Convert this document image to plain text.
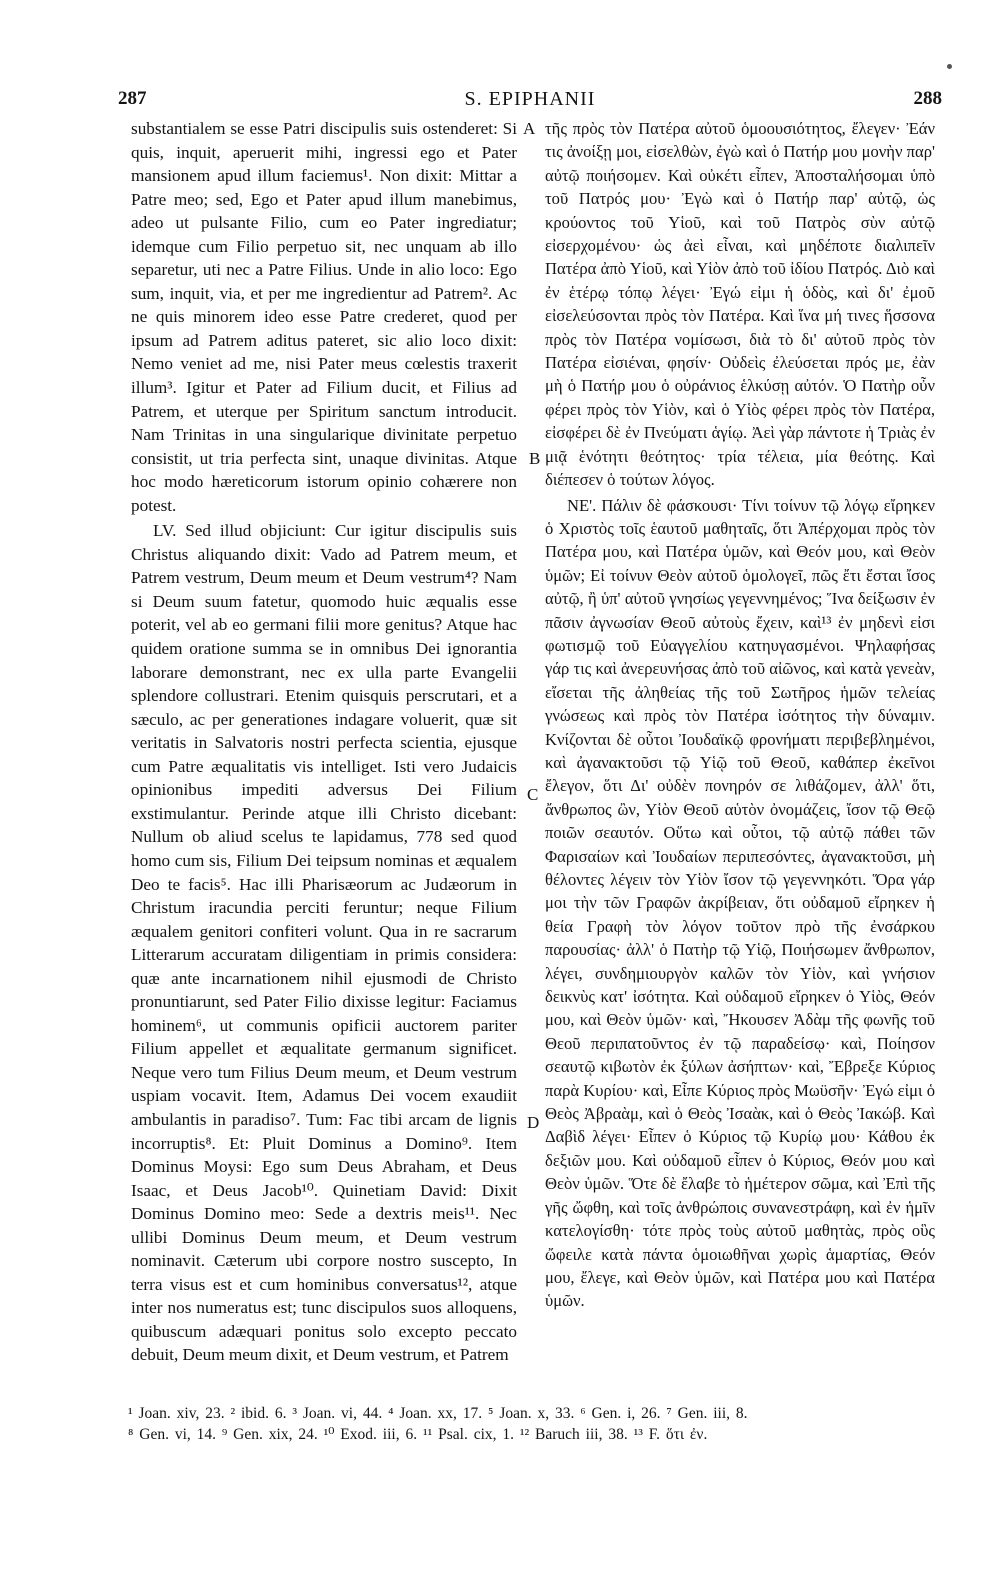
287	S. EPIPHANII	288

substantialem se esse Patri discipulis suis ostenderet: Si quis, inquit, aperuerit mihi, ingressi ego et Pater mansionem apud illum faciemus¹. Non dixit: Mittar a Patre meo; sed, Ego et Pater apud illum manebimus, adeo ut pulsante Filio, cum eo Pater ingrediatur; idemque cum Filio perpetuo sit, nec unquam ab illo separetur, uti nec a Patre Filius. Unde in alio loco: Ego sum, inquit, via, et per me ingredientur ad Patrem². Ac ne quis minorem ideo esse Patre crederet, quod per ipsum ad Patrem aditus pateret, sic alio loco dixit: Nemo veniet ad me, nisi Pater meus cœlestis traxerit illum³. Igitur et Pater ad Filium ducit, et Filius ad Patrem, et uterque per Spiritum sanctum introducit. Nam Trinitas in una singularique divinitate perpetuo consistit, ut tria perfecta sint, unaque divinitas. Atque hoc modo hæreticorum istorum opinio cohærere non potest.

LV. Sed illud objiciunt: Cur igitur discipulis suis Christus aliquando dixit: Vado ad Patrem meum, et Patrem vestrum, Deum meum et Deum vestrum⁴? Nam si Deum suum fatetur, quomodo huic æqualis esse poterit, vel ab eo germani filii more genitus? Atque hac quidem oratione summa se in omnibus Dei ignorantia laborare demonstrant, nec ex ulla parte Evangelii splendore collustrari. Etenim quisquis perscrutari, et a sæculo, ac per generationes indagare voluerit, quæ sit veritatis in Salvatoris nostri perfecta scientia, ejusque cum Patre æqualitatis vis intelliget. Isti vero Judaicis opinionibus impediti adversus Dei Filium exstimulantur. Perinde atque illi Christo dicebant: Nullum ob aliud scelus te lapidamus, 778 sed quod homo cum sis, Filium Dei teipsum nominas et æqualem Deo te facis⁵. Hac illi Pharisæorum ac Judæorum in Christum iracundia perciti feruntur; neque Filium æqualem genitori confiteri volunt. Qua in re sacrarum Litterarum accuratam diligentiam in primis considera: quæ ante incarnationem nihil ejusmodi de Christo pronuntiarunt, sed Pater Filio dixisse legitur: Faciamus hominem⁶, ut communis opificii auctorem pariter Filium appellet et æqualitate germanum significet. Neque vero tum Filius Deum meum, et Deum vestrum uspiam vocavit. Item, Adamus Dei vocem exaudiit ambulantis in paradiso⁷. Tum: Fac tibi arcam de lignis incorruptis⁸. Et: Pluit Dominus a Domino⁹. Item Dominus Moysi: Ego sum Deus Abraham, et Deus Isaac, et Deus Jacob¹⁰. Quinetiam David: Dixit Dominus Domino meo: Sede a dextris meis¹¹. Nec ullibi Dominus Deum meum, et Deum vestrum nominavit. Cæterum ubi corpore nostro suscepto, In terra visus est et cum hominibus conversatus¹², atque inter nos numeratus est; tunc discipulos suos alloquens, quibuscum adæquari ponitus solo excepto peccato debuit, Deum meum dixit, et Deum vestrum, et Patrem

τῆς πρὸς τὸν Πατέρα αὐτοῦ ὁμοουσιότητος, ἔλεγεν· Ἐάν τις ἀνοίξῃ μοι, εἰσελθὼν, ἐγὼ καὶ ὁ Πατήρ μου μονὴν παρ' αὐτῷ ποιήσομεν. Καὶ οὐκέτι εἶπεν, Ἀποσταλήσομαι ὑπὸ τοῦ Πατρός μου· Ἐγὼ καὶ ὁ Πατήρ παρ' αὐτῷ, ὡς κρούοντος τοῦ Υἱοῦ, καὶ τοῦ Πατρὸς σὺν αὐτῷ εἰσερχομένου· ὡς ἀεὶ εἶναι, καὶ μηδέποτε διαλιπεῖν Πατέρα ἀπὸ Υἱοῦ, καὶ Υἱὸν ἀπὸ τοῦ ἰδίου Πατρός. Διὸ καὶ ἐν ἑτέρῳ τόπῳ λέγει· Ἐγώ εἰμι ἡ ὁδὸς, καὶ δι' ἐμοῦ εἰσελεύσονται πρὸς τὸν Πατέρα. Καὶ ἵνα μή τινες ἥσσονα πρὸς τὸν Πατέρα νομίσωσι, διὰ τὸ δι' αὐτοῦ πρὸς τὸν Πατέρα εἰσιέναι, φησίν· Οὐδεὶς ἐλεύσεται πρός με, ἐὰν μὴ ὁ Πατήρ μου ὁ οὐράνιος ἑλκύσῃ αὐτόν. Ὁ Πατὴρ οὖν φέρει πρὸς τὸν Υἱὸν, καὶ ὁ Υἱὸς φέρει πρὸς τὸν Πατέρα, εἰσφέρει δὲ ἐν Πνεύματι ἁγίῳ. Ἀεὶ γὰρ πάντοτε ἡ Τριὰς ἐν μιᾷ ἑνότητι θεότητος· τρία τέλεια, μία θεότης. Καὶ διέπεσεν ὁ τούτων λόγος.

ΝΕ'. Πάλιν δὲ φάσκουσι· Τίνι τοίνυν τῷ λόγῳ εἴρηκεν ὁ Χριστὸς τοῖς ἑαυτοῦ μαθηταῖς, ὅτι Ἀπέρχομαι πρὸς τὸν Πατέρα μου, καὶ Πατέρα ὑμῶν, καὶ Θεόν μου, καὶ Θεὸν ὑμῶν; Εἰ τοίνυν Θεὸν αὐτοῦ ὁμολογεῖ, πῶς ἔτι ἔσται ἴσος αὐτῷ, ἢ ὑπ' αὐτοῦ γνησίως γεγεννημένος; Ἵνα δείξωσιν ἐν πᾶσιν ἀγνωσίαν Θεοῦ αὐτοὺς ἔχειν, καὶ¹³ ἐν μηδενὶ εἰσι φωτισμῷ τοῦ Εὐαγγελίου κατηυγασμένοι. Ψηλαφήσας γάρ τις καὶ ἀνερευνήσας ἀπὸ τοῦ αἰῶνος, καὶ κατὰ γενεὰν, εἴσεται τῆς ἀληθείας τῆς τοῦ Σωτῆρος ἡμῶν τελείας γνώσεως καὶ πρὸς τὸν Πατέρα ἰσότητος τὴν δύναμιν. Κνίζονται δὲ οὗτοι Ἰουδαϊκῷ φρονήματι περιβεβλημένοι, καὶ ἀγανακτοῦσι τῷ Υἱῷ τοῦ Θεοῦ, καθάπερ ἐκεῖνοι ἔλεγον, ὅτι Δι' οὐδὲν πονηρόν σε λιθάζομεν, ἀλλ' ὅτι, ἄνθρωπος ὢν, Υἱὸν Θεοῦ αὑτὸν ὀνομάζεις, ἴσον τῷ Θεῷ ποιῶν σεαυτόν. Οὕτω καὶ οὗτοι, τῷ αὐτῷ πάθει τῶν Φαρισαίων καὶ Ἰουδαίων περιπεσόντες, ἀγανακτοῦσι, μὴ θέλοντες λέγειν τὸν Υἱὸν ἴσον τῷ γεγεννηκότι. Ὅρα γάρ μοι τὴν τῶν Γραφῶν ἀκρίβειαν, ὅτι οὐδαμοῦ εἴρηκεν ἡ θεία Γραφὴ τὸν λόγον τοῦτον πρὸ τῆς ἐνσάρκου παρουσίας· ἀλλ' ὁ Πατὴρ τῷ Υἱῷ, Ποιήσωμεν ἄνθρωπον, λέγει, συνδημιουργὸν καλῶν τὸν Υἱὸν, καὶ γνήσιον δεικνὺς κατ' ἰσότητα. Καὶ οὐδαμοῦ εἴρηκεν ὁ Υἱὸς, Θεόν μου, καὶ Θεὸν ὑμῶν· καὶ, Ἤκουσεν Ἀδὰμ τῆς φωνῆς τοῦ Θεοῦ περιπατοῦντος ἐν τῷ παραδείσῳ· καὶ, Ποίησον σεαυτῷ κιβωτὸν ἐκ ξύλων ἀσήπτων· καὶ, Ἔβρεξε Κύριος παρὰ Κυρίου· καὶ, Εἶπε Κύριος πρὸς Μωϋσῆν· Ἐγώ εἰμι ὁ Θεὸς Ἀβραὰμ, καὶ ὁ Θεὸς Ἰσαὰκ, καὶ ὁ Θεὸς Ἰακώβ. Καὶ Δαβὶδ λέγει· Εἶπεν ὁ Κύριος τῷ Κυρίῳ μου· Κάθου ἐκ δεξιῶν μου. Καὶ οὐδαμοῦ εἶπεν ὁ Κύριος, Θεόν μου καὶ Θεὸν ὑμῶν. Ὅτε δὲ ἔλαβε τὸ ἡμέτερον σῶμα, καὶ Ἐπὶ τῆς γῆς ὤφθη, καὶ τοῖς ἀνθρώποις συνανεστράφη, καὶ ἐν ἡμῖν κατελογίσθη· τότε πρὸς τοὺς αὐτοῦ μαθητὰς, πρὸς οὓς ὤφειλε κατὰ πάντα ὁμοιωθῆναι χωρὶς ἁμαρτίας, Θεόν μου, ἔλεγε, καὶ Θεὸν ὑμῶν, καὶ Πατέρα μου καὶ Πατέρα ὑμῶν.

A
B
C
D
¹ Joan. xiv, 23. ² ibid. 6. ³ Joan. vi, 44. ⁴ Joan. xx, 17. ⁵ Joan. x, 33. ⁶ Gen. i, 26. ⁷ Gen. iii, 8.
⁸ Gen. vi, 14. ⁹ Gen. xix, 24. ¹⁰ Exod. iii, 6. ¹¹ Psal. cix, 1. ¹² Baruch iii, 38. ¹³ F. ὅτι ἐν.
